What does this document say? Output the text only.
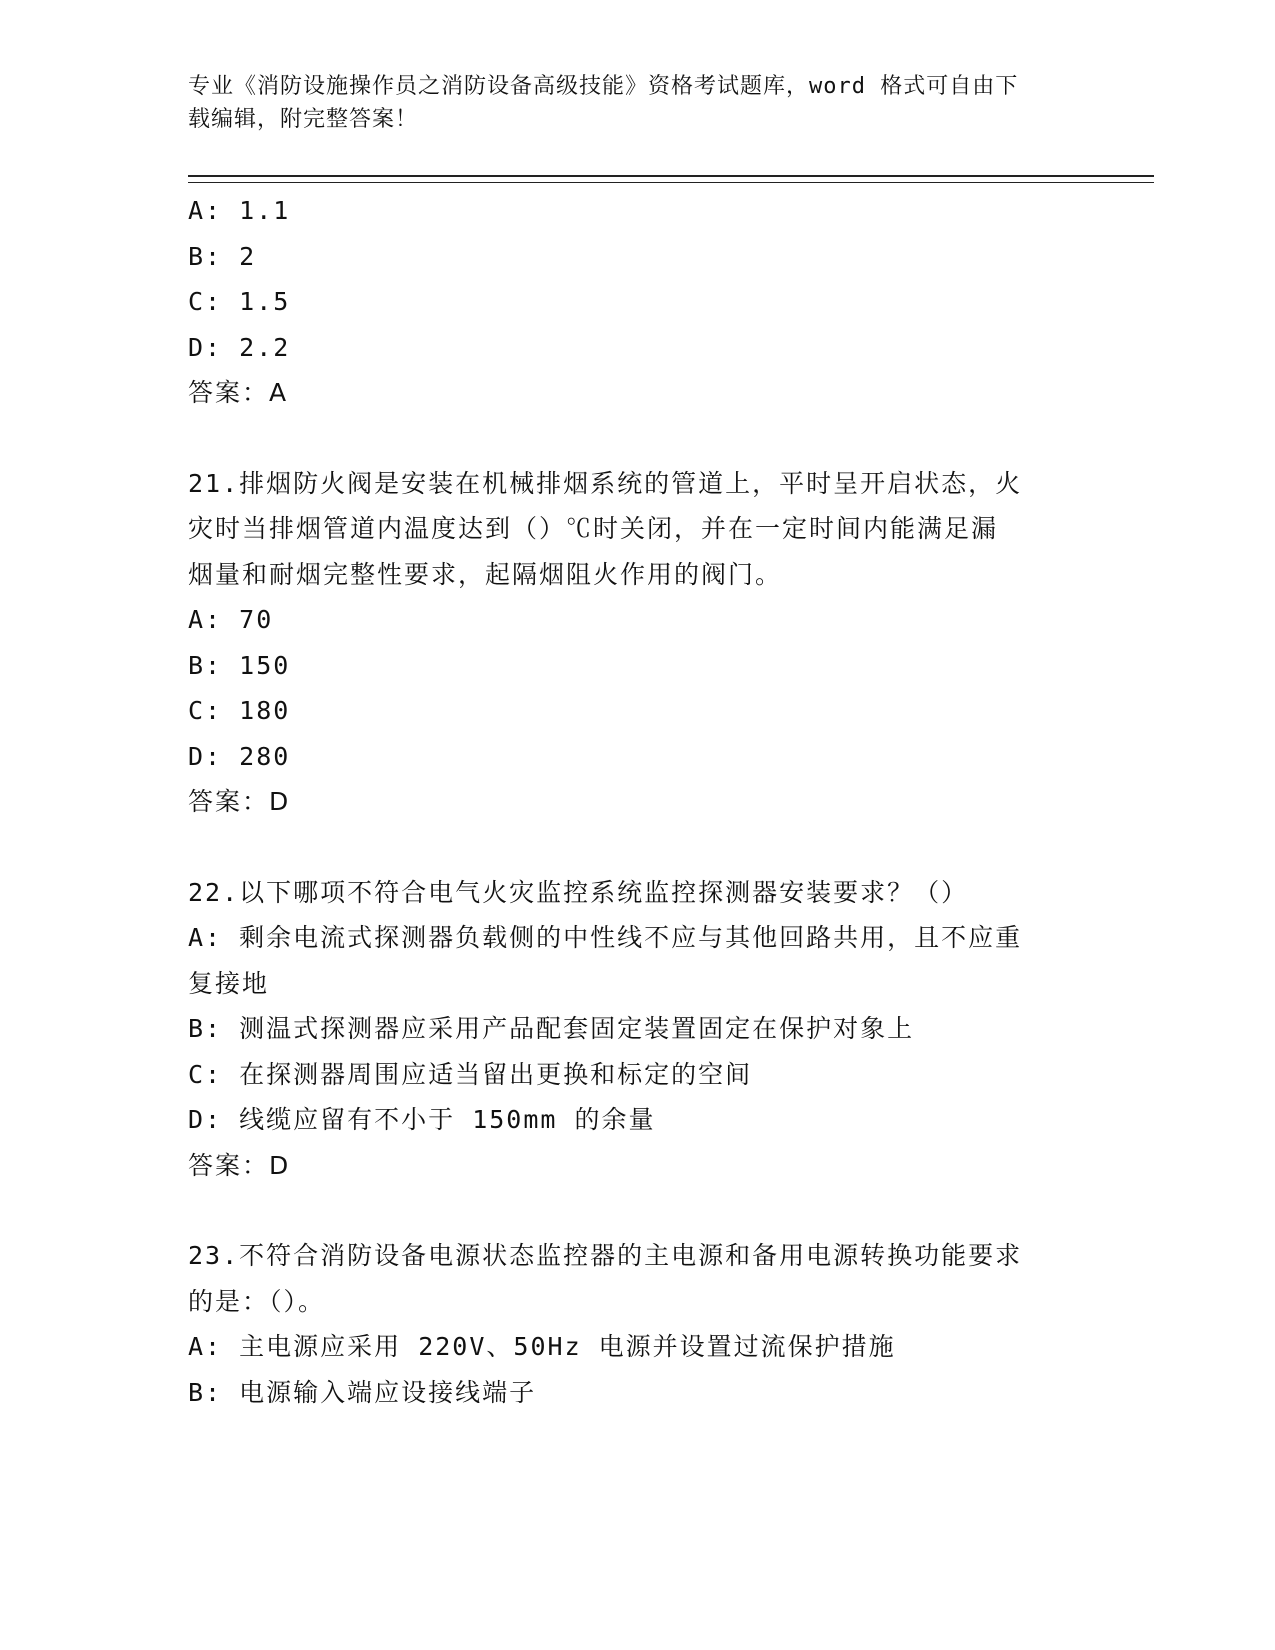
专业《消防设施操作员之消防设备高级技能》资格考试题库，word 格式可自由下
载编辑，附完整答案！

A: 1.1

B: 2

C: 1.5

D: 2.2

答案：A

21.排烟防火阀是安装在机械排烟系统的管道上，平时呈开启状态，火

灾时当排烟管道内温度达到（）℃时关闭，并在一定时间内能满足漏

烟量和耐烟完整性要求，起隔烟阻火作用的阀门。

A: 70

B: 150

C: 180

D: 280

答案：D

22.以下哪项不符合电气火灾监控系统监控探测器安装要求？（）

A: 剩余电流式探测器负载侧的中性线不应与其他回路共用，且不应重

复接地

B: 测温式探测器应采用产品配套固定装置固定在保护对象上

C: 在探测器周围应适当留出更换和标定的空间

D: 线缆应留有不小于 150mm 的余量

答案：D

23.不符合消防设备电源状态监控器的主电源和备用电源转换功能要求

的是：（）。

A: 主电源应采用 220V、50Hz 电源并设置过流保护措施

B: 电源输入端应设接线端子
